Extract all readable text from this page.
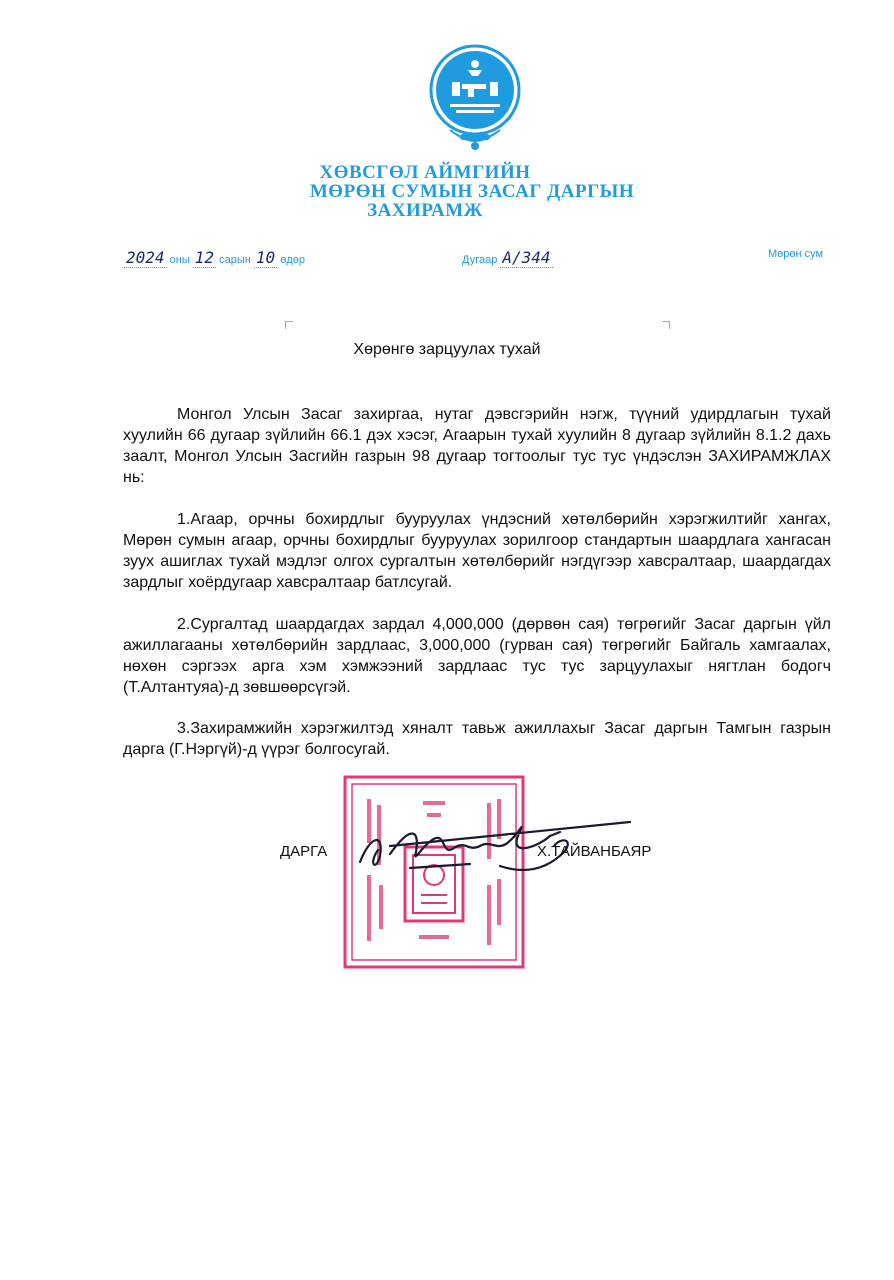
ХӨВСГӨЛ АЙМГИЙН
МӨРӨН СУМЫН ЗАСАГ ДАРГЫН
ЗАХИРАМЖ
2024 оны 12 сарын 10 өдөр	Дугаар А/344	Мөрөн сум
Хөрөнгө зарцуулах тухай

Монгол Улсын Засаг захиргаа, нутаг дэвсгэрийн нэгж, түүний удирдлагын тухай хуулийн 66 дугаар зүйлийн 66.1 дэх хэсэг, Агаарын тухай хуулийн 8 дугаар зүйлийн 8.1.2 дахь заалт, Монгол Улсын Засгийн газрын 98 дугаар тогтоолыг тус тус үндэслэн ЗАХИРАМЖЛАХ нь:

1.Агаар, орчны бохирдлыг бууруулах үндэсний хөтөлбөрийн хэрэгжилтийг хангах, Мөрөн сумын агаар, орчны бохирдлыг бууруулах зорилгоор стандартын шаардлага хангасан зуух ашиглах тухай мэдлэг олгох сургалтын хөтөлбөрийг нэгдүгээр хавсралтаар, шаардагдах зардлыг хоёрдугаар хавсралтаар батлсугай.

2.Сургалтад шаардагдах зардал 4,000,000 (дөрвөн сая) төгрөгийг Засаг даргын үйл ажиллагааны хөтөлбөрийн зардлаас, 3,000,000 (гурван сая) төгрөгийг Байгаль хамгаалах, нөхөн сэргээх арга хэм хэмжээний зардлаас тус тус зарцуулахыг нягтлан бодогч (Т.Алтантуяа)-д зөвшөөрсүгэй.

3.Захирамжийн хэрэгжилтэд хяналт тавьж ажиллахыг Засаг даргын Тамгын газрын дарга (Г.Нэргүй)-д үүрэг болгосугай.

ДАРГА	Х.ТАЙВАНБАЯР
